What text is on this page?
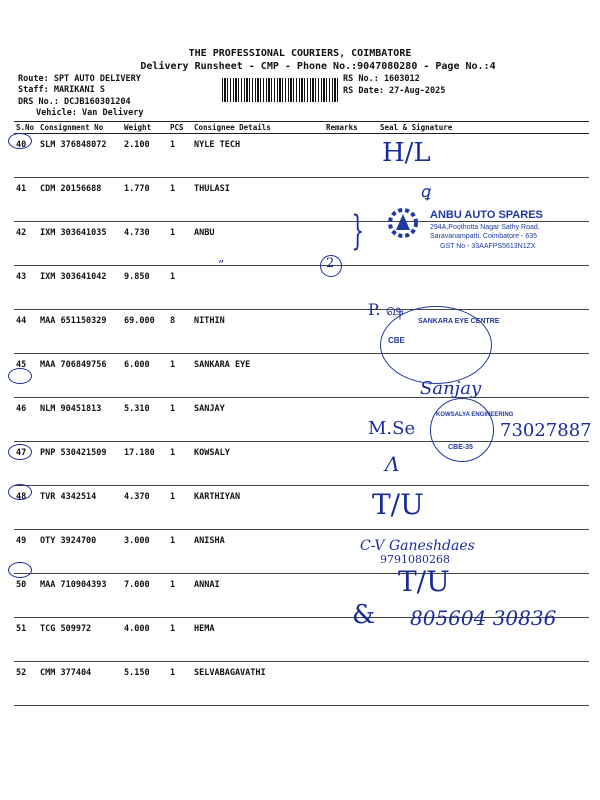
THE PROFESSIONAL COURIERS, COIMBATORE
Delivery Runsheet - CMP - Phone No.:9047080280 - Page No.:4
Route: SPT AUTO DELIVERY
Staff: MARIKANI S
DRS No.: DCJB160301204
Vehicle: Van Delivery
RS No.: 1603012
RS Date: 27-Aug-2025
S.No	Consignment No	Weight	PCS	Consignee Details	Remarks	Seal & Signature
40	SLM 376848072	2.100	1	NYLE TECH		
41	CDM 20156688	1.770	1	THULASI		
42	IXM 303641035	4.730	1	ANBU		
43	IXM 303641042	9.850	1			
44	MAA 651150329	69.000	8	NITHIN		
45	MAA 706849756	6.000	1	SANKARA EYE		
46	NLM 90451813	5.310	1	SANJAY		
47	PNP 530421509	17.180	1	KOWSALY		
48	TVR 4342514	4.370	1	KARTHIYAN		
49	OTY 3924700	3.000	1	ANISHA		
50	MAA 710904393	7.000	1	ANNAI		
51	TCG 509972	4.000	1	HEMA		
52	CMM 377404	5.150	1	SELVABAGAVATHI		
H/L
”	2
}
P. ஷ
Sanjay
M.Se	73027887
Ʌ
T/U
C-V Ganeshdaes
9791080268
T/U
& 805604 30836
ANBU AUTO SPARES
294A,Poothotta Nagar Sathy Road,
Saravanampatti, Coimbatore - 635
GST No - 33AAFPS5613N1ZX
ꝗ
SANKARA EYE CENTRE
CBE
KOWSALYA ENGINEERING
CBE-35
